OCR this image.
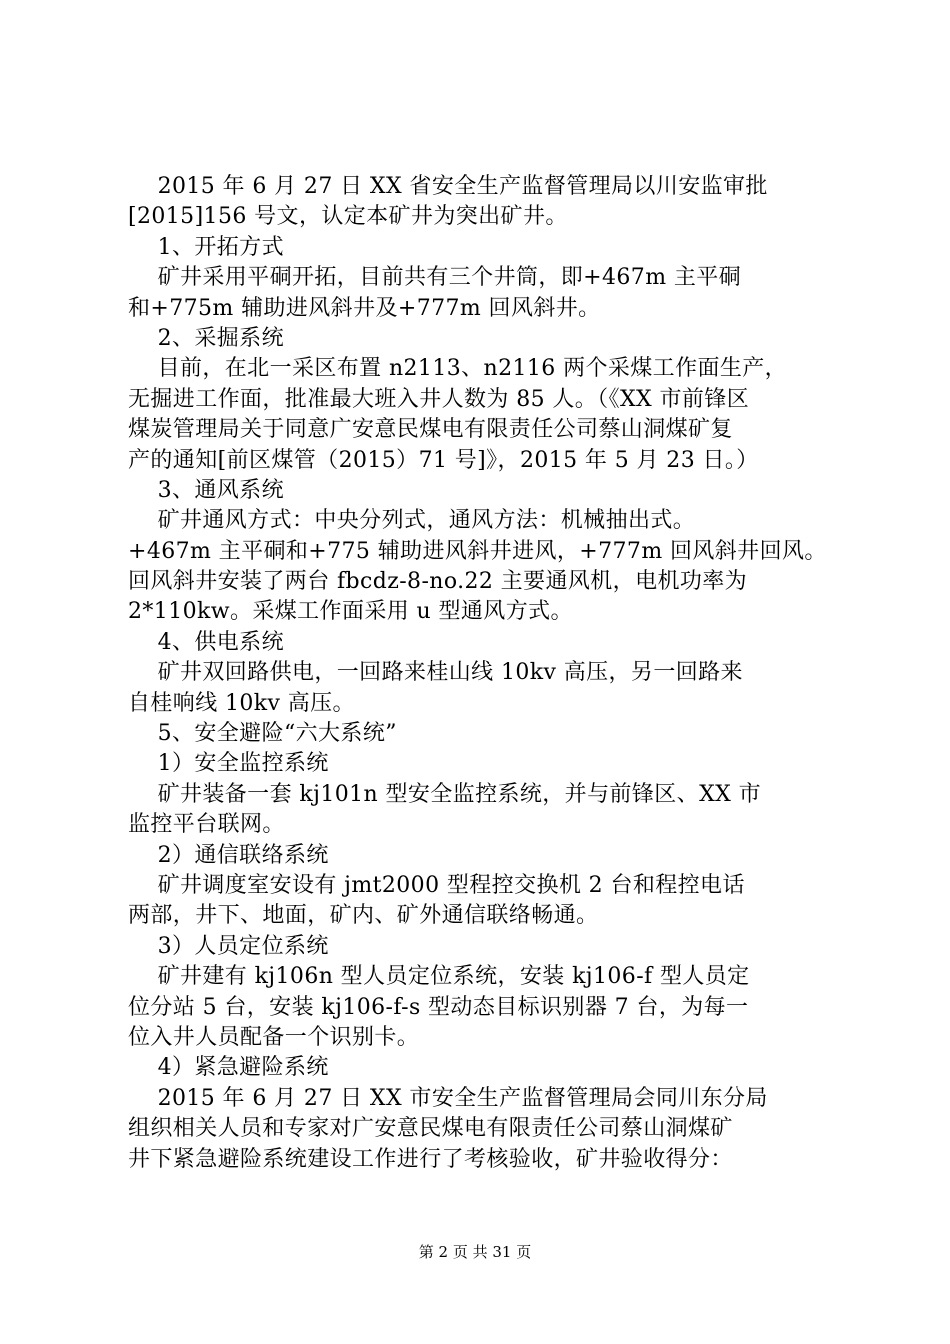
2015 年 6 月 27 日 XX 省安全生产监督管理局以川安监审批
[2015]156 号文，认定本矿井为突出矿井。
1、开拓方式
矿井采用平硐开拓，目前共有三个井筒，即+467m 主平硐
和+775m 辅助进风斜井及+777m 回风斜井。
2、采掘系统
目前，在北一采区布置 n2113、n2116 两个采煤工作面生产，
无掘进工作面，批准最大班入井人数为 85 人。（《XX 市前锋区
煤炭管理局关于同意广安意民煤电有限责任公司蔡山洞煤矿复
产的通知[前区煤管（2015）71 号]》，2015 年 5 月 23 日。）
3、通风系统
矿井通风方式：中央分列式，通风方法：机械抽出式。
+467m 主平硐和+775 辅助进风斜井进风，+777m 回风斜井回风。
回风斜井安装了两台 fbcdz-8-no.22 主要通风机，电机功率为
2*110kw。采煤工作面采用 u 型通风方式。
4、供电系统
矿井双回路供电，一回路来桂山线 10kv 高压，另一回路来
自桂响线 10kv 高压。
5、安全避险“六大系统”
1）安全监控系统
矿井装备一套 kj101n 型安全监控系统，并与前锋区、XX 市
监控平台联网。
2）通信联络系统
矿井调度室安设有 jmt2000 型程控交换机 2 台和程控电话
两部，井下、地面，矿内、矿外通信联络畅通。
3）人员定位系统
矿井建有 kj106n 型人员定位系统，安装 kj106-f 型人员定
位分站 5 台，安装 kj106-f-s 型动态目标识别器 7 台，为每一
位入井人员配备一个识别卡。
4）紧急避险系统
2015 年 6 月 27 日 XX 市安全生产监督管理局会同川东分局
组织相关人员和专家对广安意民煤电有限责任公司蔡山洞煤矿
井下紧急避险系统建设工作进行了考核验收，矿井验收得分：
第 2 页 共 31 页
